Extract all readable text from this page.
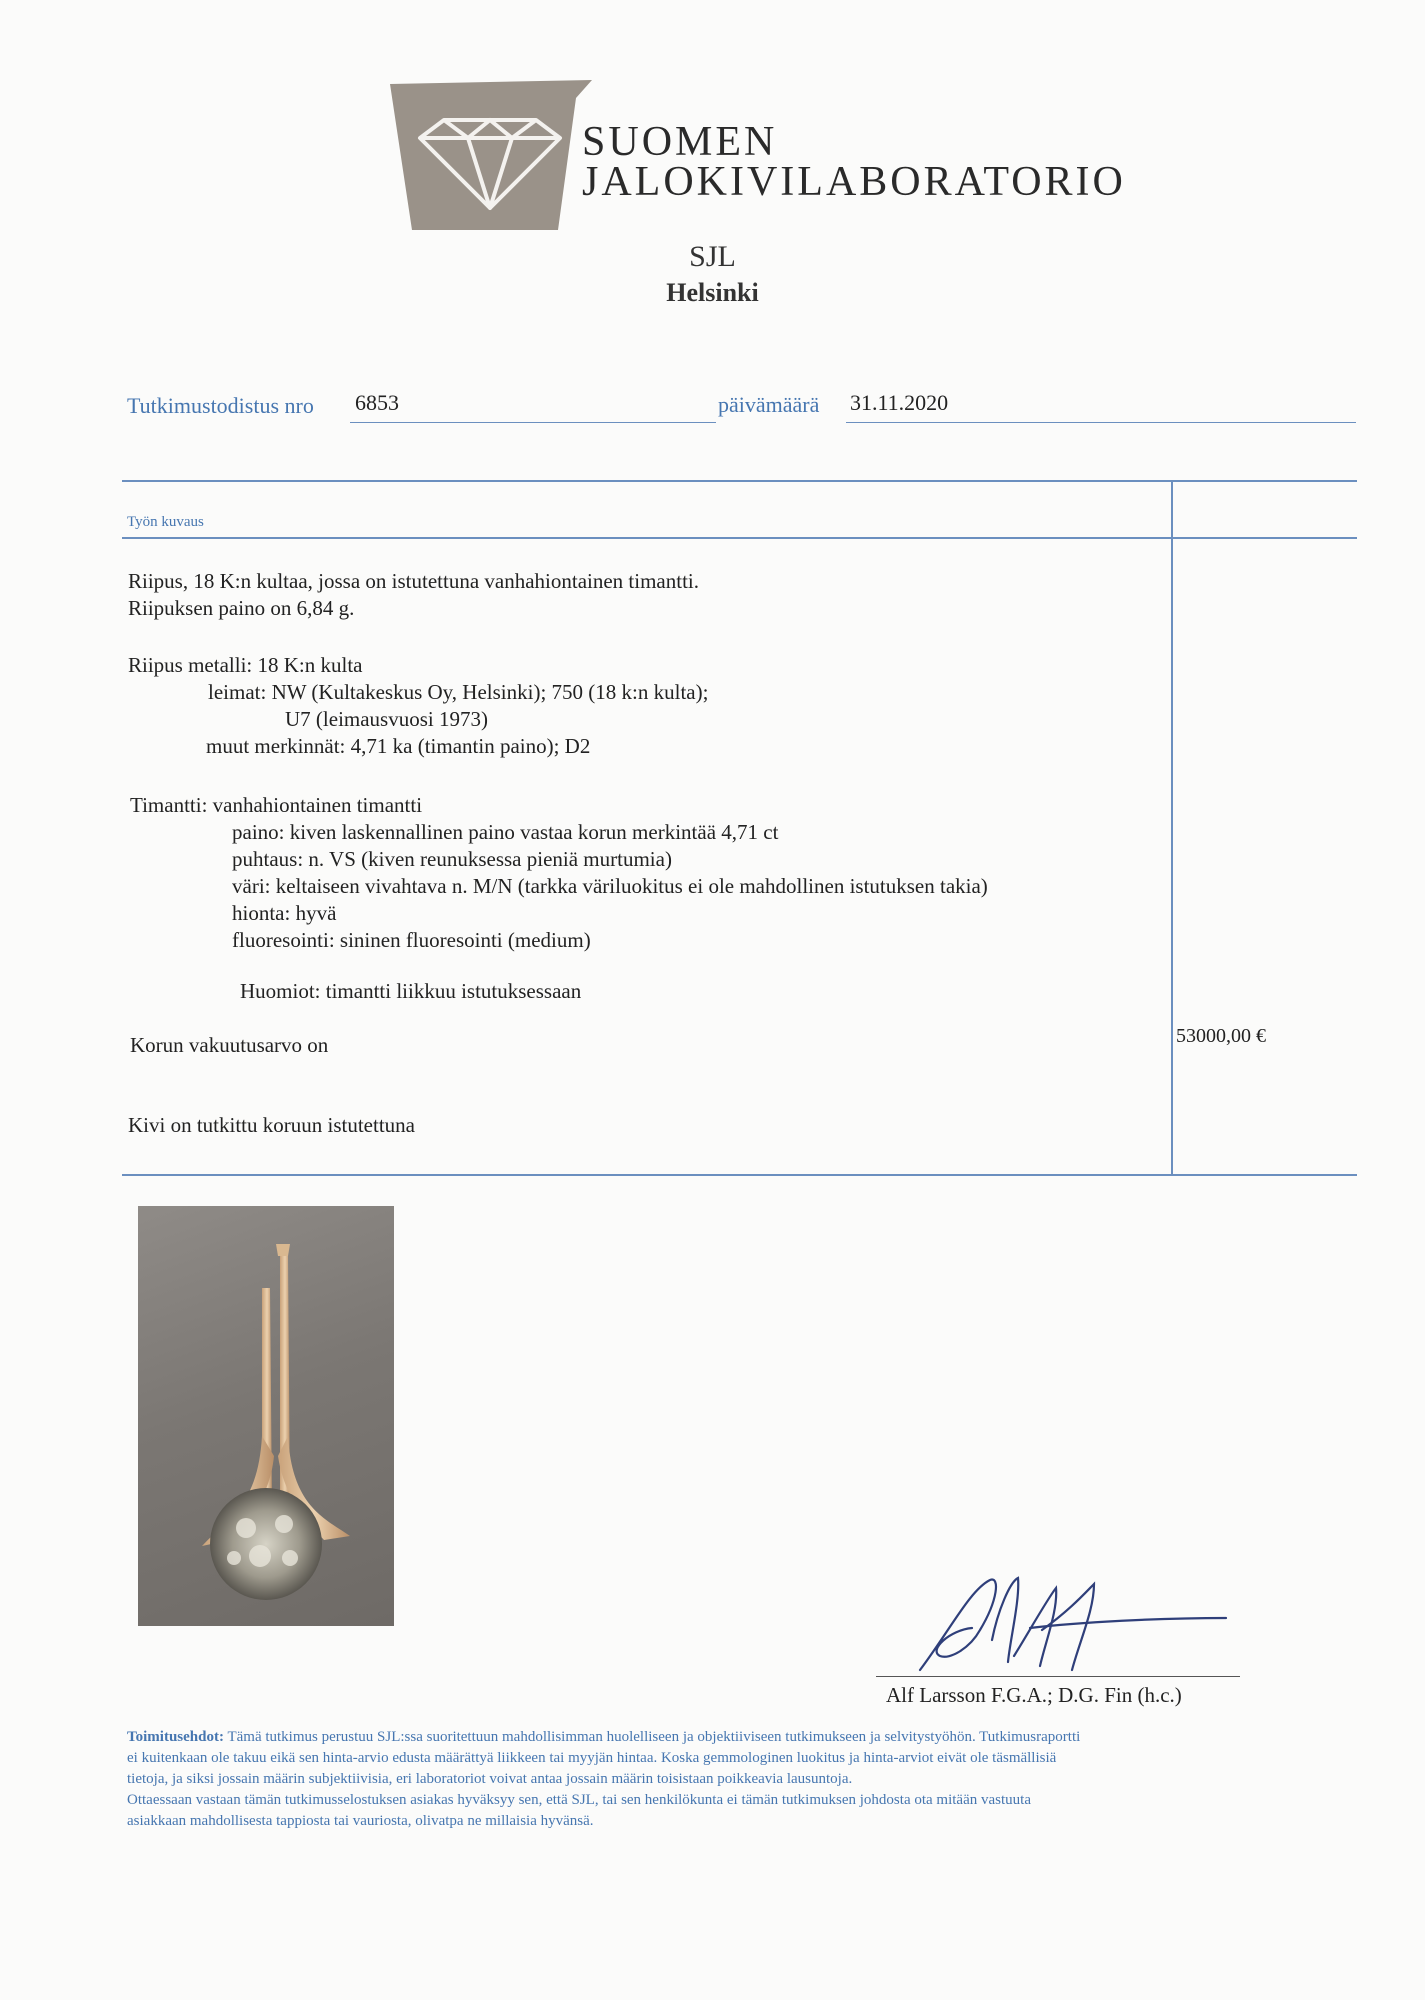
SUOMEN
JALOKIVILABORATORIO
SJL
Helsinki
Tutkimustodistus nro 6853	päivämäärä 31.11.2020
Työn kuvaus
Riipus, 18 K:n kultaa, jossa on istutettuna vanhahiontainen timantti.
Riipuksen paino on 6,84 g.
Riipus metalli: 18 K:n kulta
leimat: NW (Kultakeskus Oy, Helsinki); 750 (18 k:n kulta);
U7 (leimausvuosi 1973)
muut merkinnät: 4,71 ka (timantin paino); D2
Timantti: vanhahiontainen timantti
paino: kiven laskennallinen paino vastaa korun merkintää 4,71 ct
puhtaus: n. VS (kiven reunuksessa pieniä murtumia)
väri: keltaiseen vivahtava n. M/N (tarkka väriluokitus ei ole mahdollinen istutuksen takia)
hionta: hyvä
fluoresointi: sininen fluoresointi (medium)
Huomiot: timantti liikkuu istutuksessaan
Korun vakuutusarvo on	53000,00 €
Kivi on tutkittu koruun istutettuna
Alf Larsson F.G.A.; D.G. Fin (h.c.)
Toimitusehdot: Tämä tutkimus perustuu SJL:ssa suoritettuun mahdollisimman huolelliseen ja objektiiviseen tutkimukseen ja selvitystyöhön. Tutkimusraportti
ei kuitenkaan ole takuu eikä sen hinta-arvio edusta määrättyä liikkeen tai myyjän hintaa. Koska gemmologinen luokitus ja hinta-arviot eivät ole täsmällisiä
tietoja, ja siksi jossain määrin subjektiivisia, eri laboratoriot voivat antaa jossain määrin toisistaan poikkeavia lausuntoja.
Ottaessaan vastaan tämän tutkimusselostuksen asiakas hyväksyy sen, että SJL, tai sen henkilökunta ei tämän tutkimuksen johdosta ota mitään vastuuta
asiakkaan mahdollisesta tappiosta tai vauriosta, olivatpa ne millaisia hyvänsä.
